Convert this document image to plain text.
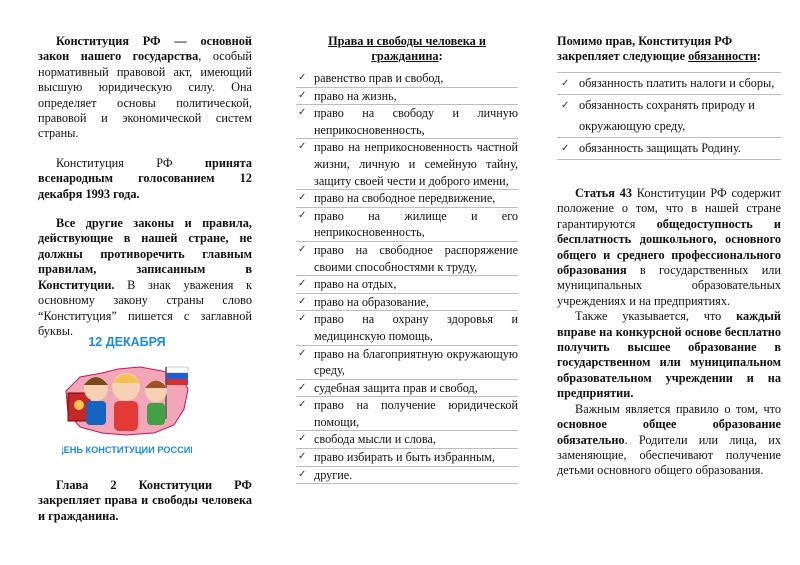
Конституция РФ — основной закон нашего государства, особый нормативный правовой акт, имеющий высшую юридическую силу. Она определяет основы политической, правовой и экономической систем страны.

Конституция РФ принята всенародным голосованием 12 декабря 1993 года.

Все другие законы и правила, действующие в нашей стране, не должны противоречить главным правилам, записанным в Конституции. В знак уважения к основному закону страны слово “Конституция” пишется с заглавной буквы.

12 ДЕКАБРЯ
ДЕНЬ КОНСТИТУЦИИ РОССИИ

Глава 2 Конституции РФ закрепляет права и свободы человека и гражданина.

Права и свободы человека и гражданина:
✓ равенство прав и свобод,
✓ право на жизнь,
✓ право на свободу и личную неприкосновенность,
✓ право на неприкосновенность частной жизни, личную и семейную тайну, защиту своей чести и доброго имени,
✓ право на свободное передвижение,
✓ право на жилище и его неприкосновенность,
✓ право на свободное распоряжение своими способностями к труду,
✓ право на отдых,
✓ право на образование,
✓ право на охрану здоровья и медицинскую помощь,
✓ право на благоприятную окружающую среду,
✓ судебная защита прав и свобод,
✓ право на получение юридической помощи,
✓ свобода мысли и слова,
✓ право избирать и быть избранным,
✓ другие.
Помимо прав, Конституция РФ закрепляет следующие обязанности:
✓ обязанность платить налоги и сборы,
✓ обязанность сохранять природу и окружающую среду,
✓ обязанность защищать Родину.

Статья 43 Конституции РФ содержит положение о том, что в нашей стране гарантируются общедоступность и бесплатность дошкольного, основного общего и среднего профессионального образования в государственных или муниципальных образовательных учреждениях и на предприятиях.

Также указывается, что каждый вправе на конкурсной основе бесплатно получить высшее образование в государственном или муниципальном образовательном учреждении и на предприятии.

Важным является правило о том, что основное общее образование обязательно. Родители или лица, их заменяющие, обеспечивают получение детьми основного общего образования.
